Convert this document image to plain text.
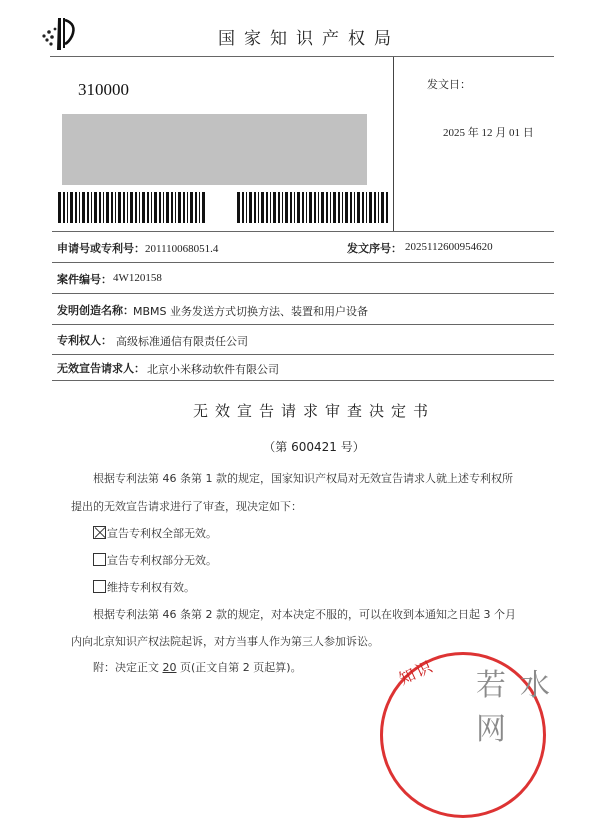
国家知识产权局
310000	发文日：
2025 年 12 月 01 日
申请号或专利号：201110068051.4	发文序号： 2025112600954620
案件编号： 4W120158
发明创造名称： MBMS 业务发送方式切换方法、装置和用户设备
专利权人： 高级标准通信有限责任公司
无效宣告请求人： 北京小米移动软件有限公司
无效宣告请求审查决定书
（第 600421 号）
根据专利法第 46 条第 1 款的规定，国家知识产权局对无效宣告请求人就上述专利权所
提出的无效宣告请求进行了审查，现决定如下：
宣告专利权全部无效。
宣告专利权部分无效。
维持专利权有效。
根据专利法第 46 条第 2 款的规定，对本决定不服的，可以在收到本通知之日起 3 个月
内向北京知识产权法院起诉，对方当事人作为第三人参加诉讼。
附：决定正文 20 页(正文自第 2 页起算)。	知识 若水网
